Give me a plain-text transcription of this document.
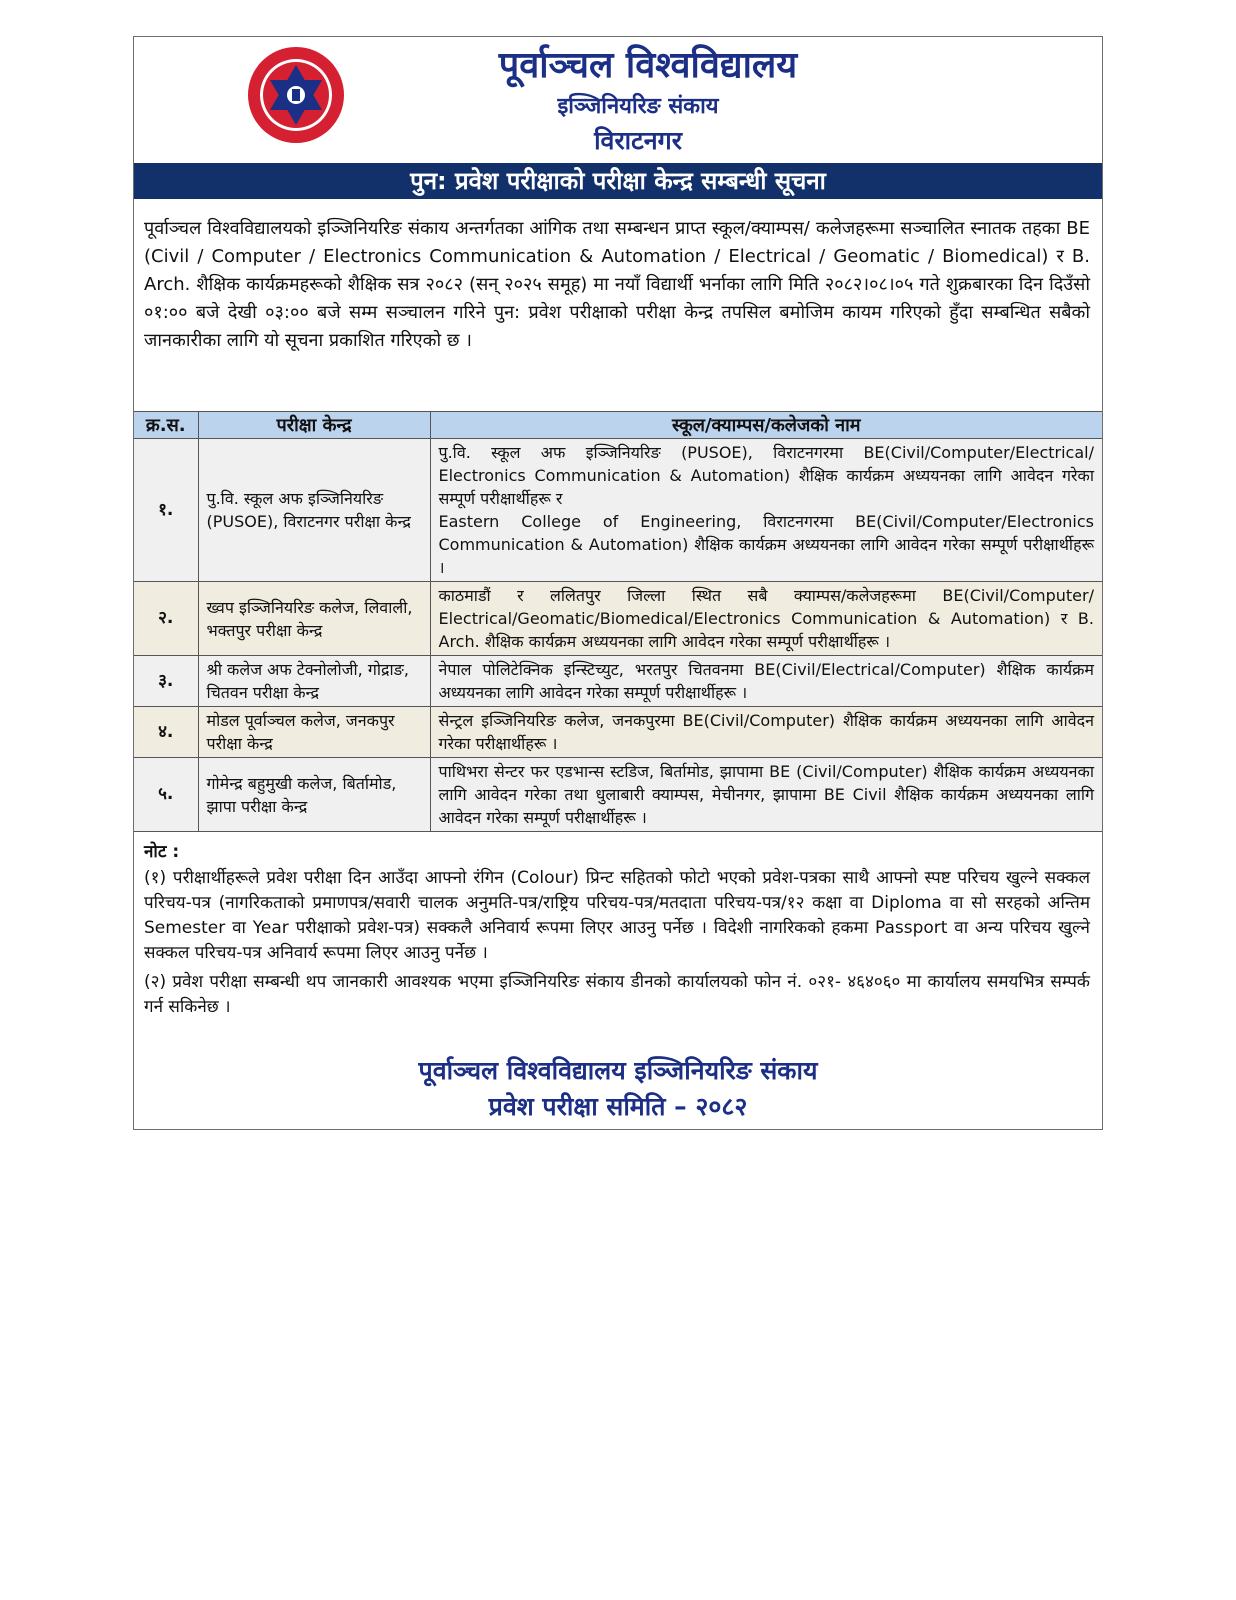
पूर्वाञ्चल विश्वविद्यालय
इञ्जिनियरिङ संकाय
विराटनगर
पुन: प्रवेश परीक्षाको परीक्षा केन्द्र सम्बन्धी सूचना
पूर्वाञ्चल विश्वविद्यालयको इञ्जिनियरिङ संकाय अन्तर्गतका आंगिक तथा सम्बन्धन प्राप्त स्कूल/क्याम्पस/ कलेजहरूमा सञ्चालित स्नातक तहका BE (Civil / Computer / Electronics Communication & Automation / Electrical / Geomatic / Biomedical) र B. Arch. शैक्षिक कार्यक्रमहरूको शैक्षिक सत्र २०८२ (सन् २०२५ समूह) मा नयाँ विद्यार्थी भर्नाका लागि मिति २०८२।०८।०५ गते शुक्रबारका दिन दिउँसो ०१:०० बजे देखी ०३:०० बजे सम्म सञ्चालन गरिने पुन: प्रवेश परीक्षाको परीक्षा केन्द्र तपसिल बमोजिम कायम गरिएको हुँदा सम्बन्धित सबैको जानकारीका लागि यो सूचना प्रकाशित गरिएको छ ।
क्र.स.	परीक्षा केन्द्र	स्कूल/क्याम्पस/कलेजको नाम
१.	पु.वि. स्कूल अफ इञ्जिनियरिङ (PUSOE), विराटनगर परीक्षा केन्द्र	पु.वि. स्कूल अफ इञ्जिनियरिङ (PUSOE), विराटनगरमा BE(Civil/Computer/Electrical/ Electronics Communication & Automation) शैक्षिक कार्यक्रम अध्ययनका लागि आवेदन गरेका सम्पूर्ण परीक्षार्थीहरू र
Eastern College of Engineering, विराटनगरमा BE(Civil/Computer/Electronics Communication & Automation) शैक्षिक कार्यक्रम अध्ययनका लागि आवेदन गरेका सम्पूर्ण परीक्षार्थीहरू ।

२.	ख्वप इञ्जिनियरिङ कलेज, लिवाली, भक्तपुर परीक्षा केन्द्र	काठमाडौं र ललितपुर जिल्ला स्थित सबै क्याम्पस/कलेजहरूमा BE(Civil/Computer/ Electrical/Geomatic/Biomedical/Electronics Communication & Automation) र B. Arch. शैक्षिक कार्यक्रम अध्ययनका लागि आवेदन गरेका सम्पूर्ण परीक्षार्थीहरू ।
३.	श्री कलेज अफ टेक्नोलोजी, गोद्राङ, चितवन परीक्षा केन्द्र	नेपाल पोलिटेक्निक इन्स्टिच्युट, भरतपुर चितवनमा BE(Civil/Electrical/Computer) शैक्षिक कार्यक्रम अध्ययनका लागि आवेदन गरेका सम्पूर्ण परीक्षार्थीहरू ।
४.	मोडल पूर्वाञ्चल कलेज, जनकपुर परीक्षा केन्द्र	सेन्ट्रल इञ्जिनियरिङ कलेज, जनकपुरमा BE(Civil/Computer) शैक्षिक कार्यक्रम अध्ययनका लागि आवेदन गरेका परीक्षार्थीहरू ।
५.	गोमेन्द्र बहुमुखी कलेज, बिर्तामोड, झापा परीक्षा केन्द्र	पाथिभरा सेन्टर फर एडभान्स स्टडिज, बिर्तामोड, झापामा BE (Civil/Computer) शैक्षिक कार्यक्रम अध्ययनका लागि आवेदन गरेका तथा धुलाबारी क्याम्पस, मेचीनगर, झापामा BE Civil शैक्षिक कार्यक्रम अध्ययनका लागि आवेदन गरेका सम्पूर्ण परीक्षार्थीहरू ।
नोट :

(१) परीक्षार्थीहरूले प्रवेश परीक्षा दिन आउँदा आफ्नो रंगिन (Colour) प्रिन्ट सहितको फोटो भएको प्रवेश-पत्रका साथै आफ्नो स्पष्ट परिचय खुल्ने सक्कल परिचय-पत्र (नागरिकताको प्रमाणपत्र/सवारी चालक अनुमति-पत्र/राष्ट्रिय परिचय-पत्र/मतदाता परिचय-पत्र/१२ कक्षा वा Diploma वा सो सरहको अन्तिम Semester वा Year परीक्षाको प्रवेश-पत्र) सक्कलै अनिवार्य रूपमा लिएर आउनु पर्नेछ । विदेशी नागरिकको हकमा Passport वा अन्य परिचय खुल्ने सक्कल परिचय-पत्र अनिवार्य रूपमा लिएर आउनु पर्नेछ ।

(२) प्रवेश परीक्षा सम्बन्धी थप जानकारी आवश्यक भएमा इञ्जिनियरिङ संकाय डीनको कार्यालयको फोन नं. ०२१- ४६४०६० मा कार्यालय समयभित्र सम्पर्क गर्न सकिनेछ ।

पूर्वाञ्चल विश्वविद्यालय इञ्जिनियरिङ संकाय
प्रवेश परीक्षा समिति – २०८२
